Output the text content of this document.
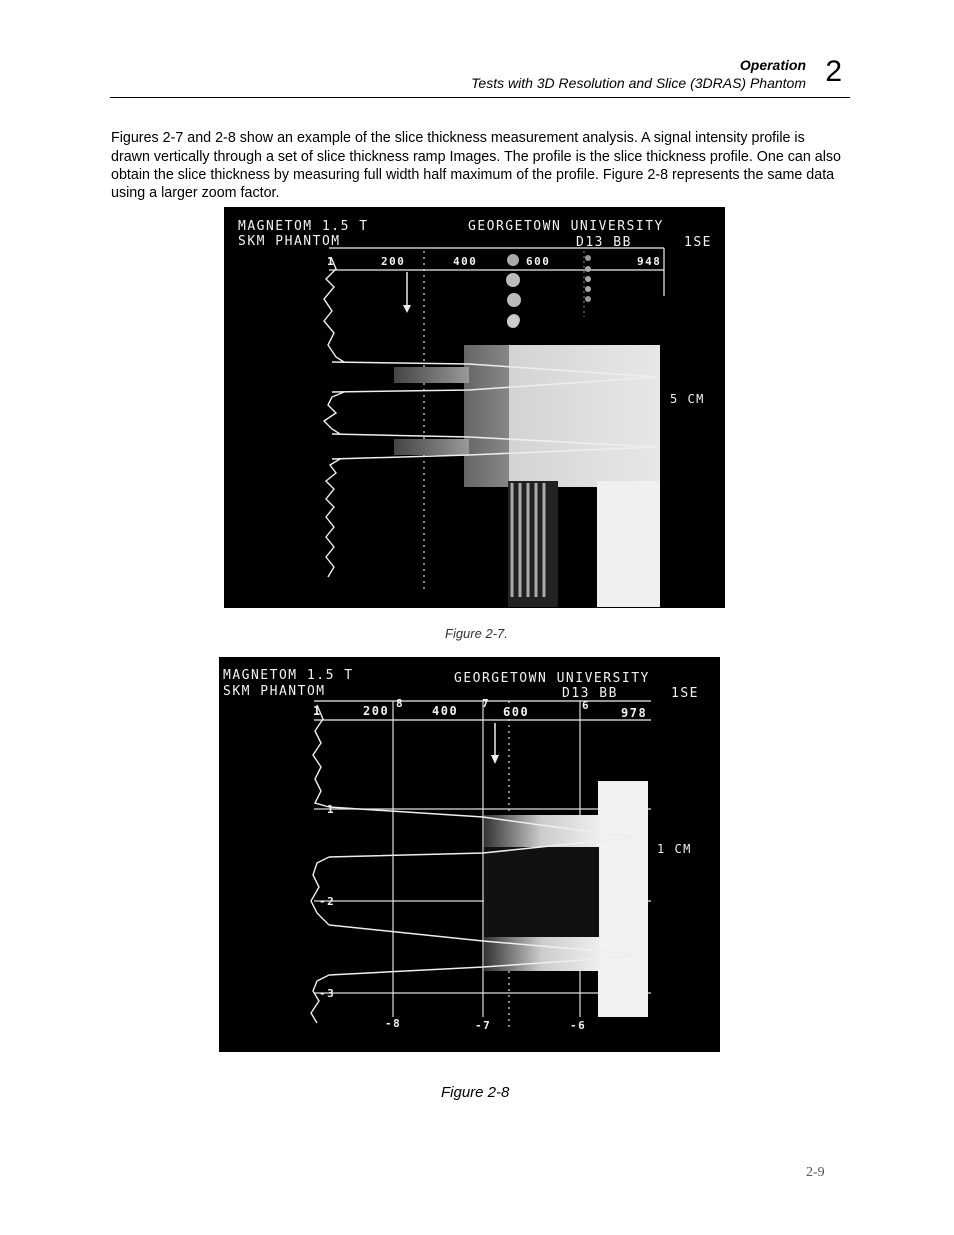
Operation
Tests with 3D Resolution and Slice (3DRAS) Phantom 2

Figures 2-7 and 2-8 show an example of the slice thickness measurement analysis. A signal intensity profile is drawn vertically through a set of slice thickness ramp Images. The profile is the slice thickness profile. One can also obtain the slice thickness by measuring full width half maximum of the profile. Figure 2-8 represents the same data using a larger zoom factor.

MAGNETOM 1.5 T	GEORGETOWN UNIVERSITY
SKM PHANTOM	D13 BB	1SE
1	200	400	600	948
5 CM
Figure 2-7.
MAGNETOM 1.5 T	GEORGETOWN UNIVERSITY
SKM PHANTOM	D13 BB	1SE
1	200	400	600	978
8	7	6
1
-2
-3
-8	-7	-6
1 CM
Figure 2-8
2-9
